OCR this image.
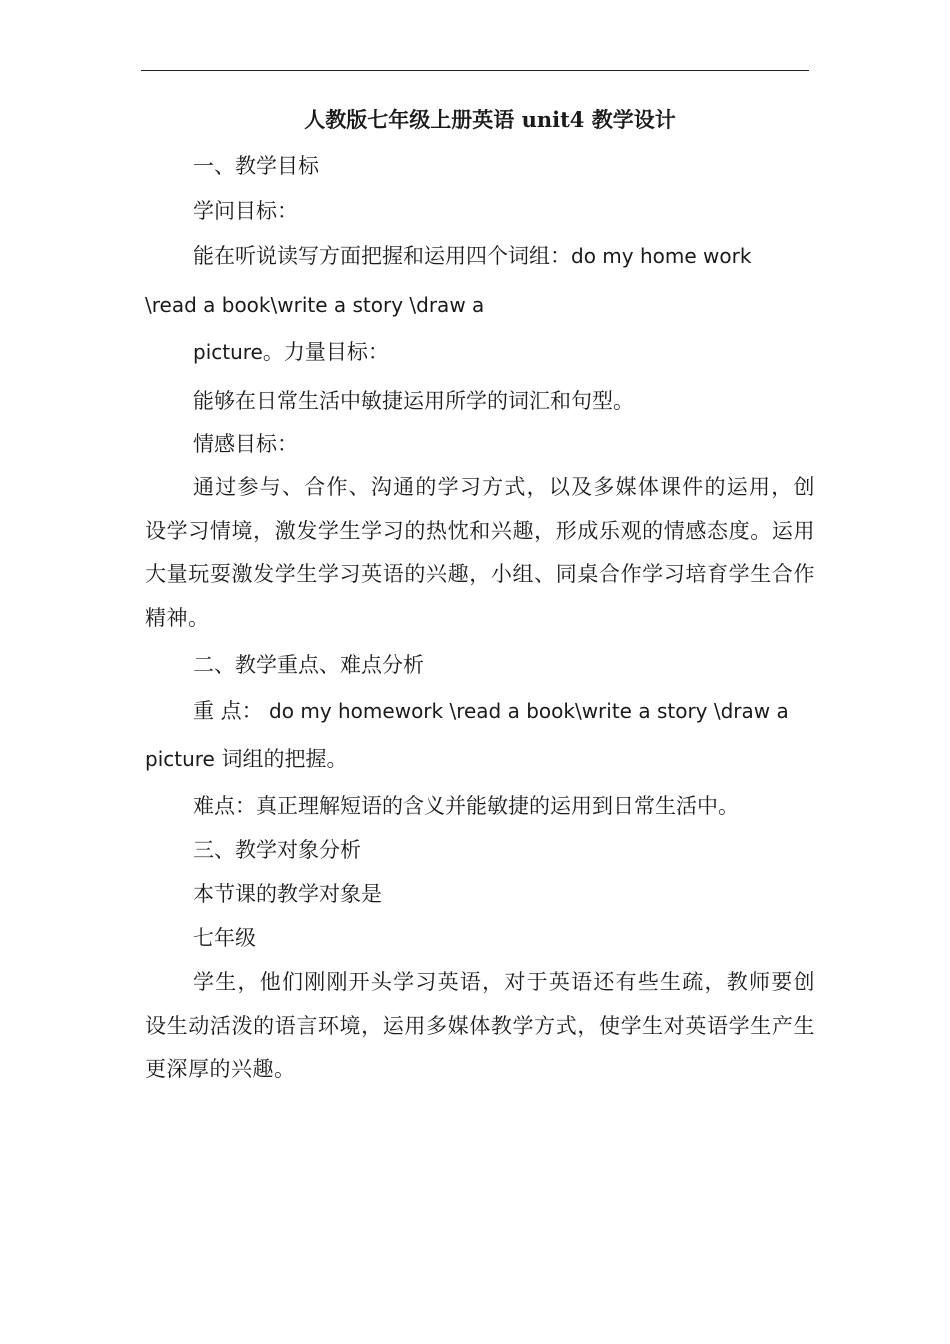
人教版七年级上册英语 unit4 教学设计
一、教学目标
学问目标：
能在听说读写方面把握和运用四个词组：do my home work
\read a book\write a story \draw a
picture。力量目标：
能够在日常生活中敏捷运用所学的词汇和句型。
情感目标：
通过参与、合作、沟通的学习方式，以及多媒体课件的运用，创设学习情境，激发学生学习的热忱和兴趣，形成乐观的情感态度。运用大量玩耍激发学生学习英语的兴趣，小组、同桌合作学习培育学生合作精神。
二、教学重点、难点分析
重 点： do my homework \read a book\write a story \draw a
picture 词组的把握。
难点：真正理解短语的含义并能敏捷的运用到日常生活中。
三、教学对象分析
本节课的教学对象是
七年级
学生，他们刚刚开头学习英语，对于英语还有些生疏，教师要创设生动活泼的语言环境，运用多媒体教学方式，使学生对英语学生产生更深厚的兴趣。
